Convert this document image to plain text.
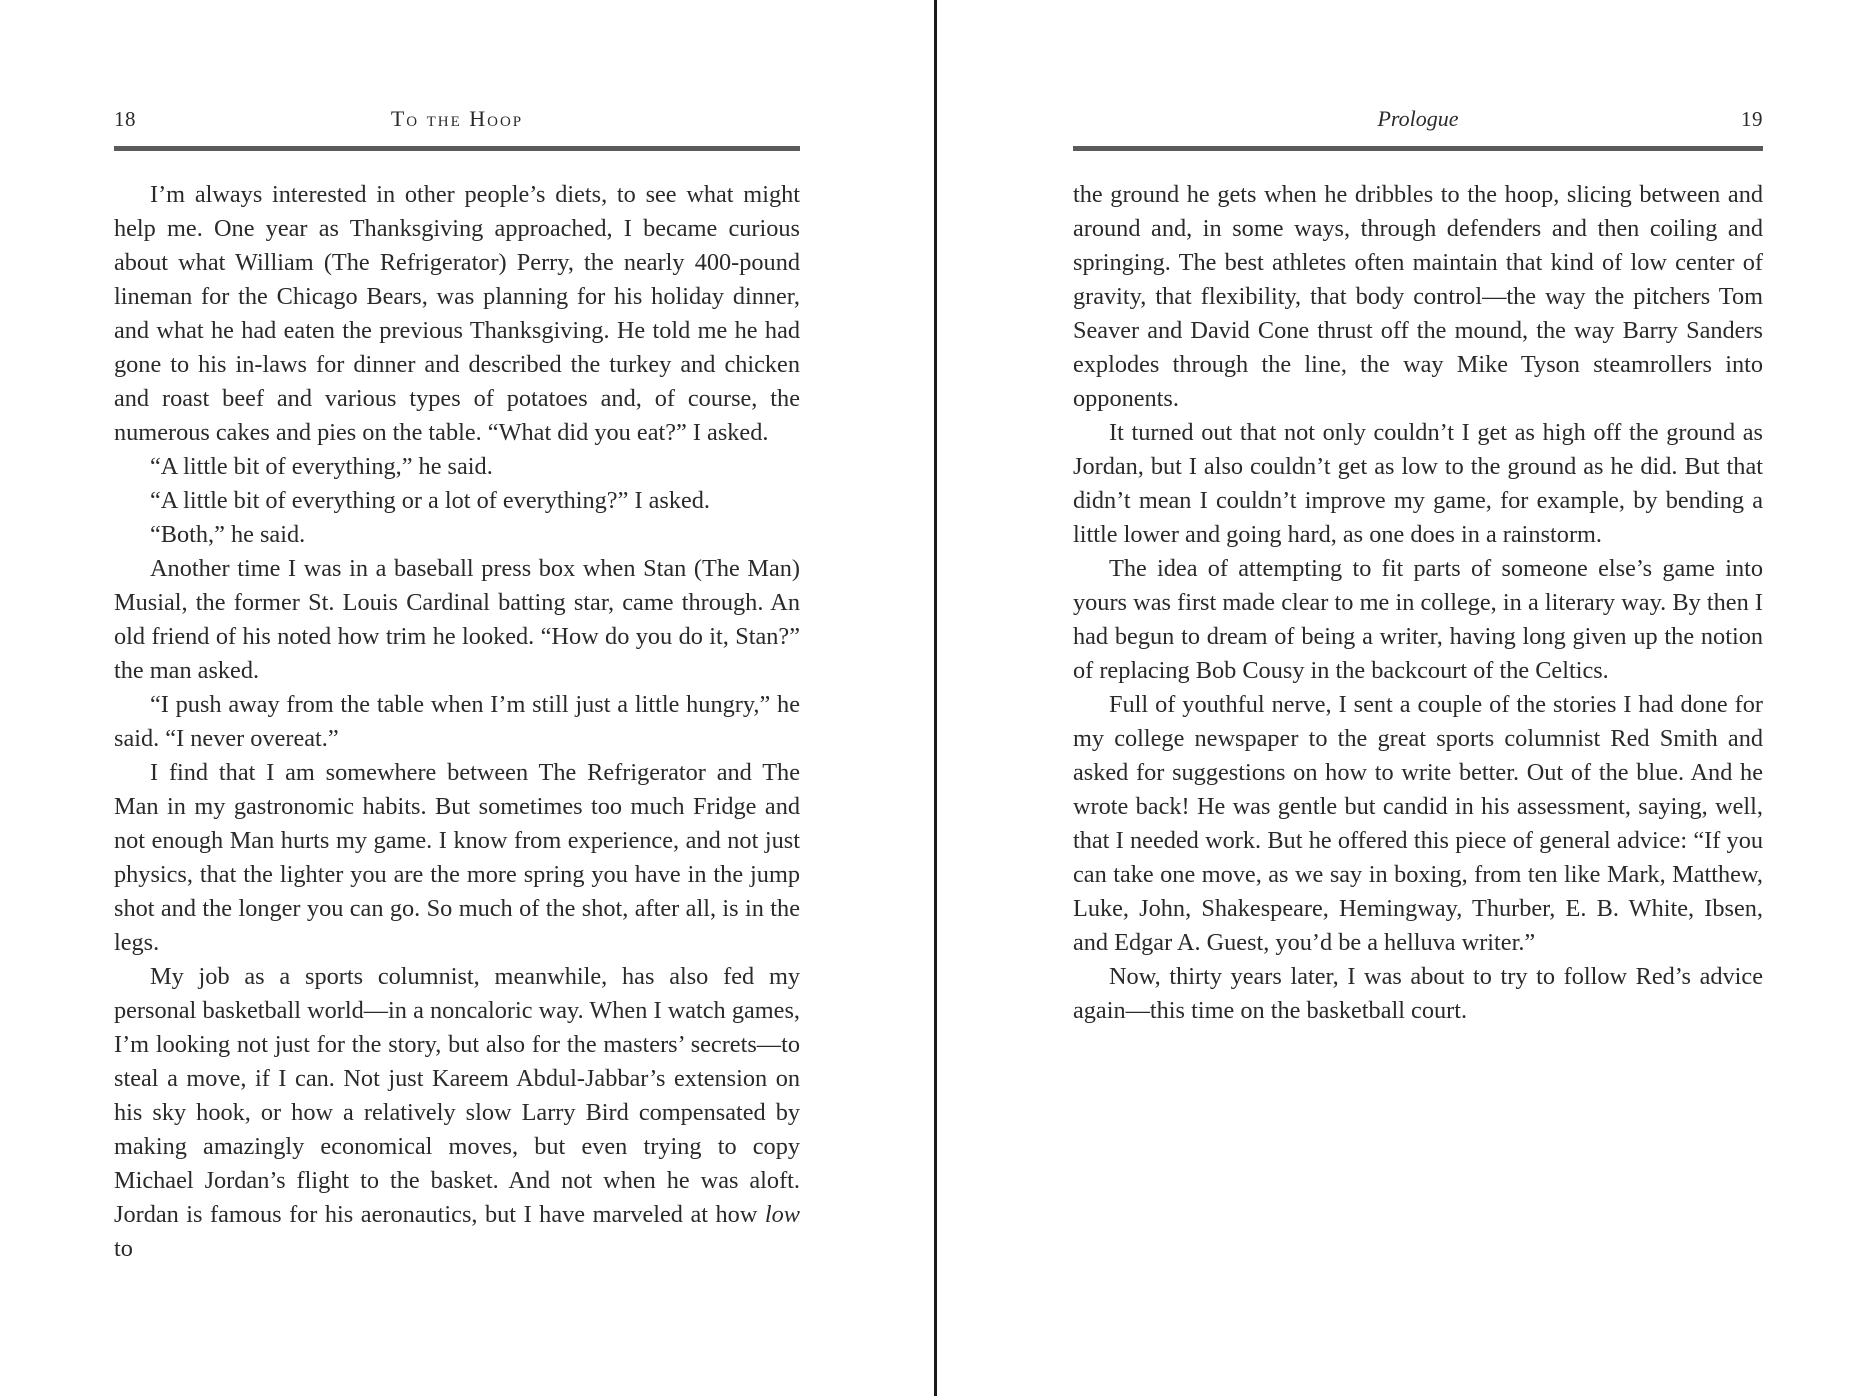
18	To the Hoop

I’m always interested in other people’s diets, to see what might help me. One year as Thanksgiving approached, I became curious about what William (The Refrigerator) Perry, the nearly 400-pound lineman for the Chicago Bears, was planning for his holiday dinner, and what he had eaten the previous Thanksgiving. He told me he had gone to his in-laws for dinner and described the turkey and chicken and roast beef and various types of potatoes and, of course, the numerous cakes and pies on the table. “What did you eat?” I asked.

“A little bit of everything,” he said.

“A little bit of everything or a lot of everything?” I asked.

“Both,” he said.

Another time I was in a baseball press box when Stan (The Man) Musial, the former St. Louis Cardinal batting star, came through. An old friend of his noted how trim he looked. “How do you do it, Stan?” the man asked.

“I push away from the table when I’m still just a little hungry,” he said. “I never overeat.”

I find that I am somewhere between The Refrigerator and The Man in my gastronomic habits. But sometimes too much Fridge and not enough Man hurts my game. I know from experience, and not just physics, that the lighter you are the more spring you have in the jump shot and the longer you can go. So much of the shot, after all, is in the legs.

My job as a sports columnist, meanwhile, has also fed my personal basketball world—in a noncaloric way. When I watch games, I’m looking not just for the story, but also for the masters’ secrets—to steal a move, if I can. Not just Kareem Abdul-Jabbar’s extension on his sky hook, or how a relatively slow Larry Bird compensated by making amazingly economical moves, but even trying to copy Michael Jordan’s flight to the basket. And not when he was aloft. Jordan is famous for his aeronautics, but I have marveled at how low to

Prologue	19

the ground he gets when he dribbles to the hoop, slicing between and around and, in some ways, through defenders and then coiling and springing. The best athletes often maintain that kind of low center of gravity, that flexibility, that body control—the way the pitchers Tom Seaver and David Cone thrust off the mound, the way Barry Sanders explodes through the line, the way Mike Tyson steamrollers into opponents.

It turned out that not only couldn’t I get as high off the ground as Jordan, but I also couldn’t get as low to the ground as he did. But that didn’t mean I couldn’t improve my game, for example, by bending a little lower and going hard, as one does in a rainstorm.

The idea of attempting to fit parts of someone else’s game into yours was first made clear to me in college, in a literary way. By then I had begun to dream of being a writer, having long given up the notion of replacing Bob Cousy in the backcourt of the Celtics.

Full of youthful nerve, I sent a couple of the stories I had done for my college newspaper to the great sports columnist Red Smith and asked for suggestions on how to write better. Out of the blue. And he wrote back! He was gentle but candid in his assessment, saying, well, that I needed work. But he offered this piece of general advice: “If you can take one move, as we say in boxing, from ten like Mark, Matthew, Luke, John, Shakespeare, Hemingway, Thurber, E. B. White, Ibsen, and Edgar A. Guest, you’d be a helluva writer.”

Now, thirty years later, I was about to try to follow Red’s advice again—this time on the basketball court.
